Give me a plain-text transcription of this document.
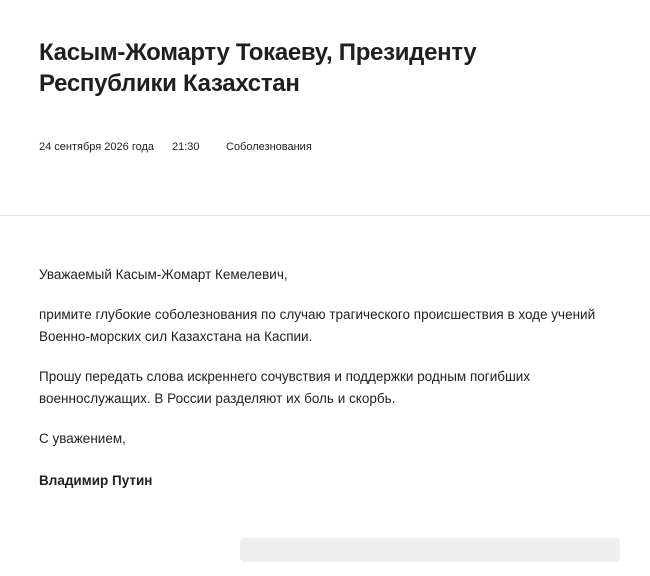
Касым-Жомарту Токаеву, Президенту Республики Казахстан
24 сентября 2026 года	21:30	Соболезнования

Уважаемый Касым-Жомарт Кемелевич,

примите глубокие соболезнования по случаю трагического происшествия в ходе учений Военно-морских сил Казахстана на Каспии.

Прошу передать слова искреннего сочувствия и поддержки родным погибших военнослужащих. В России разделяют их боль и скорбь.

С уважением,

Владимир Путин
